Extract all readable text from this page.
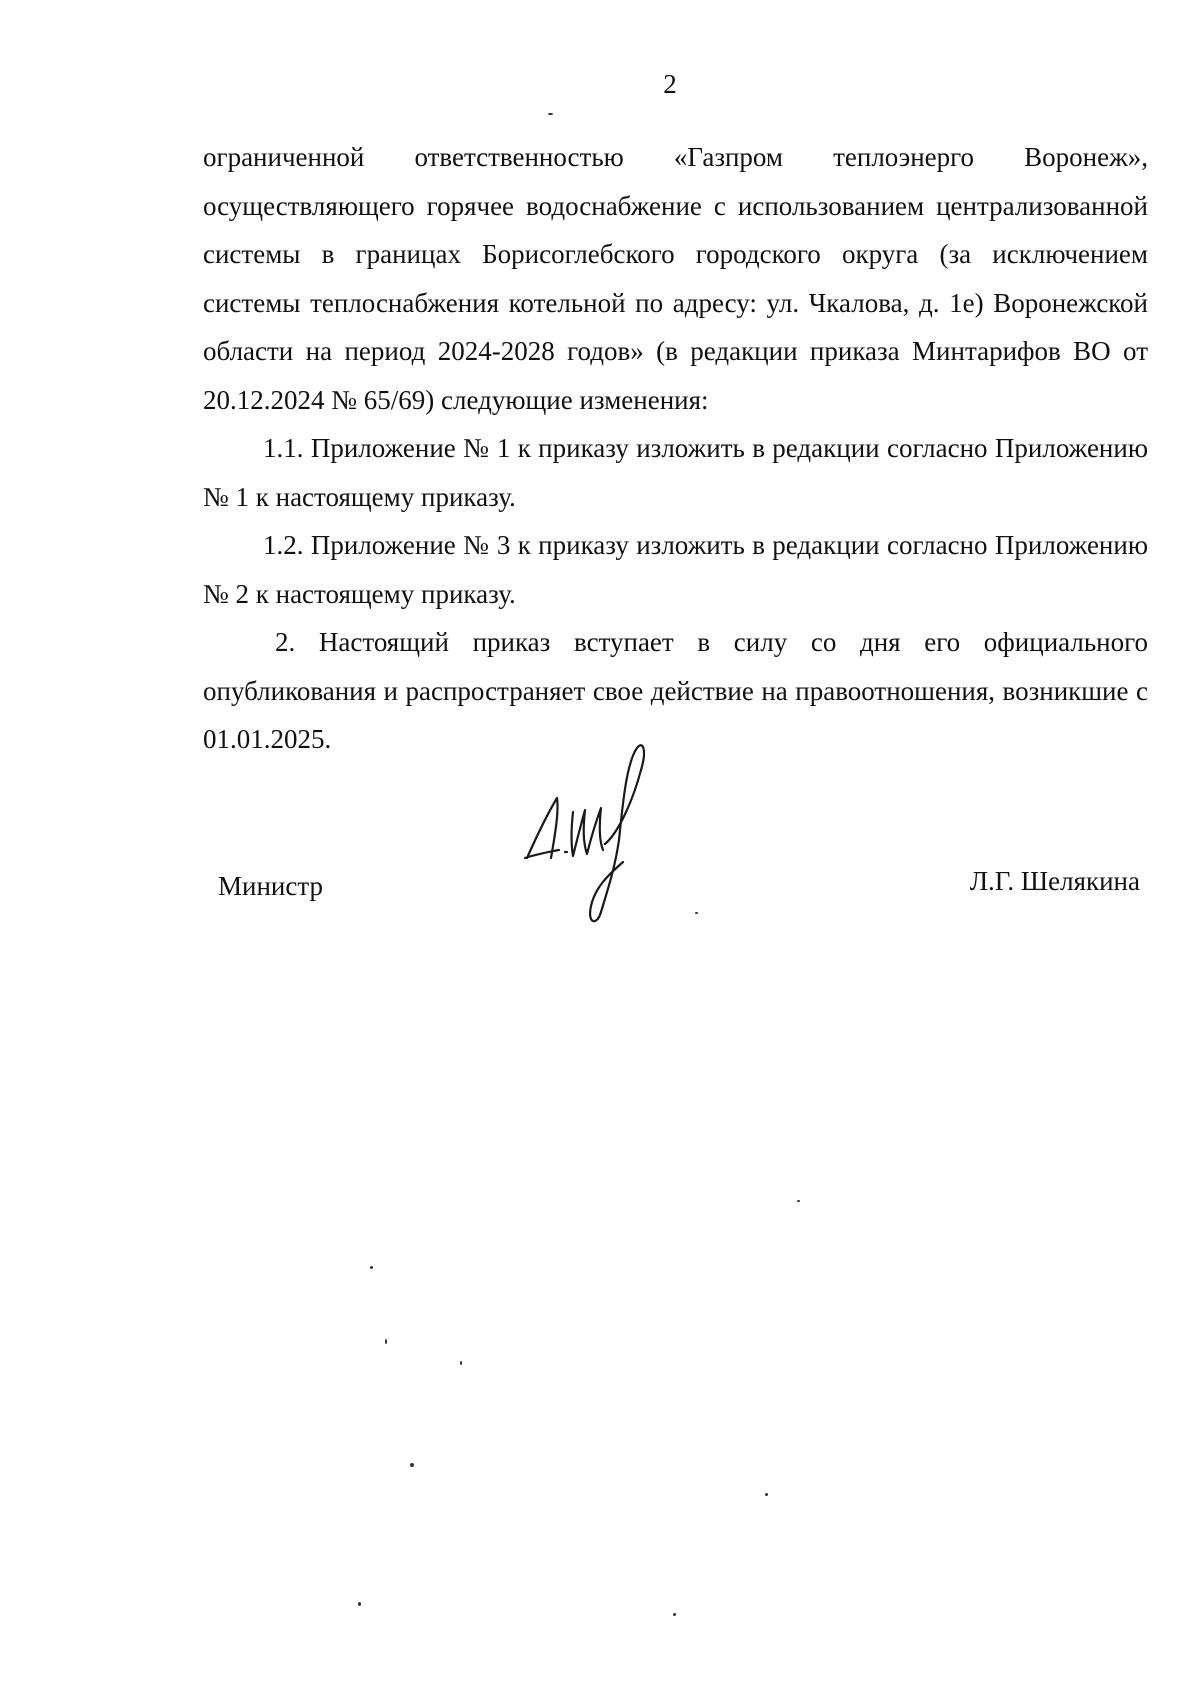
2

ограниченной ответственностью «Газпром теплоэнерго Воронеж», осуществляющего горячее водоснабжение с использованием централизованной системы в границах Борисоглебского городского округа (за исключением системы теплоснабжения котельной по адресу: ул. Чкалова, д. 1е) Воронежской области на период 2024-2028 годов» (в редакции приказа Минтарифов ВО от 20.12.2024 № 65/69) следующие изменения:

1.1. Приложение № 1 к приказу изложить в редакции согласно Приложению № 1 к настоящему приказу.

1.2. Приложение № 3 к приказу изложить в редакции согласно Приложению № 2 к настоящему приказу.

2. Настоящий приказ вступает в силу со дня его официального опубликования и распространяет свое действие на правоотношения, возникшие с 01.01.2025.

Министр	Л.Г. Шелякина
